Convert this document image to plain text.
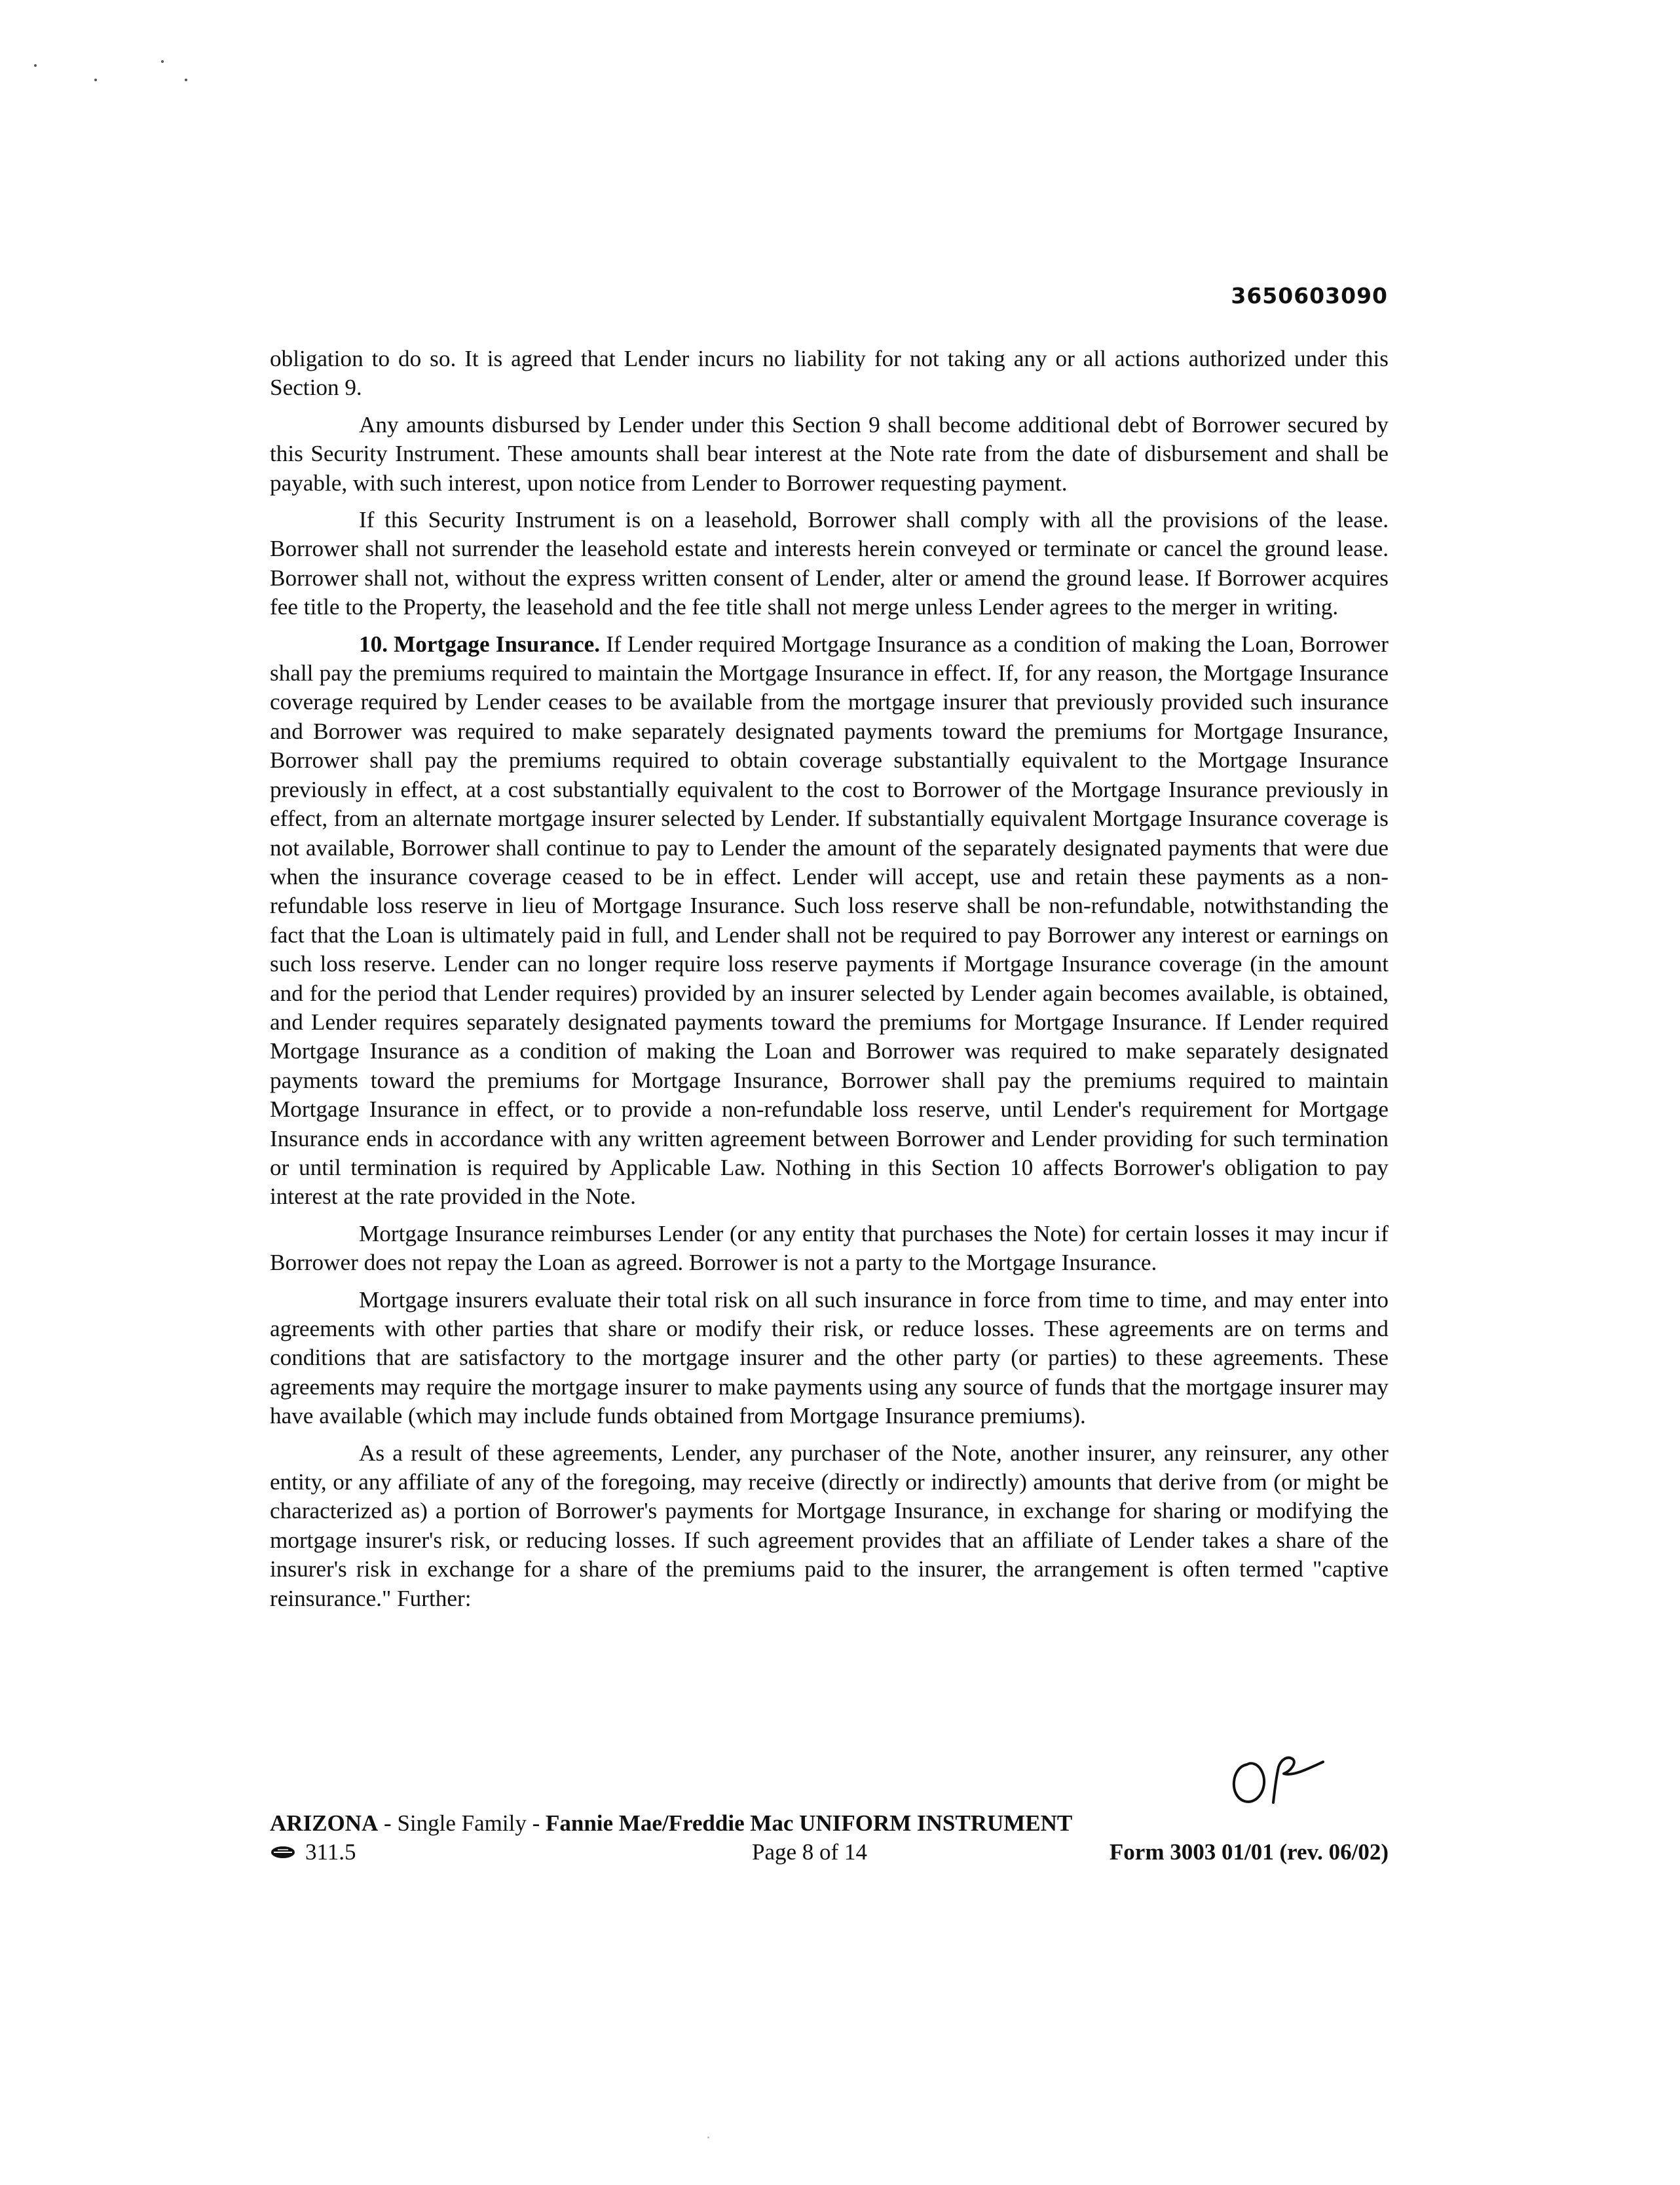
3650603090

obligation to do so. It is agreed that Lender incurs no liability for not taking any or all actions authorized under this Section 9.

Any amounts disbursed by Lender under this Section 9 shall become additional debt of Borrower secured by this Security Instrument. These amounts shall bear interest at the Note rate from the date of disbursement and shall be payable, with such interest, upon notice from Lender to Borrower requesting payment.

If this Security Instrument is on a leasehold, Borrower shall comply with all the provisions of the lease. Borrower shall not surrender the leasehold estate and interests herein conveyed or terminate or cancel the ground lease. Borrower shall not, without the express written consent of Lender, alter or amend the ground lease. If Borrower acquires fee title to the Property, the leasehold and the fee title shall not merge unless Lender agrees to the merger in writing.

10. Mortgage Insurance. If Lender required Mortgage Insurance as a condition of making the Loan, Borrower shall pay the premiums required to maintain the Mortgage Insurance in effect. If, for any reason, the Mortgage Insurance coverage required by Lender ceases to be available from the mortgage insurer that previously provided such insurance and Borrower was required to make separately designated payments toward the premiums for Mortgage Insurance, Borrower shall pay the premiums required to obtain coverage substantially equivalent to the Mortgage Insurance previously in effect, at a cost substantially equivalent to the cost to Borrower of the Mortgage Insurance previously in effect, from an alternate mortgage insurer selected by Lender. If substantially equivalent Mortgage Insurance coverage is not available, Borrower shall continue to pay to Lender the amount of the separately designated payments that were due when the insurance coverage ceased to be in effect. Lender will accept, use and retain these payments as a non-refundable loss reserve in lieu of Mortgage Insurance. Such loss reserve shall be non-refundable, notwithstanding the fact that the Loan is ultimately paid in full, and Lender shall not be required to pay Borrower any interest or earnings on such loss reserve. Lender can no longer require loss reserve payments if Mortgage Insurance coverage (in the amount and for the period that Lender requires) provided by an insurer selected by Lender again becomes available, is obtained, and Lender requires separately designated payments toward the premiums for Mortgage Insurance. If Lender required Mortgage Insurance as a condition of making the Loan and Borrower was required to make separately designated payments toward the premiums for Mortgage Insurance, Borrower shall pay the premiums required to maintain Mortgage Insurance in effect, or to provide a non-refundable loss reserve, until Lender's requirement for Mortgage Insurance ends in accordance with any written agreement between Borrower and Lender providing for such termination or until termination is required by Applicable Law. Nothing in this Section 10 affects Borrower's obligation to pay interest at the rate provided in the Note.

Mortgage Insurance reimburses Lender (or any entity that purchases the Note) for certain losses it may incur if Borrower does not repay the Loan as agreed. Borrower is not a party to the Mortgage Insurance.

Mortgage insurers evaluate their total risk on all such insurance in force from time to time, and may enter into agreements with other parties that share or modify their risk, or reduce losses. These agreements are on terms and conditions that are satisfactory to the mortgage insurer and the other party (or parties) to these agreements. These agreements may require the mortgage insurer to make payments using any source of funds that the mortgage insurer may have available (which may include funds obtained from Mortgage Insurance premiums).

As a result of these agreements, Lender, any purchaser of the Note, another insurer, any reinsurer, any other entity, or any affiliate of any of the foregoing, may receive (directly or indirectly) amounts that derive from (or might be characterized as) a portion of Borrower's payments for Mortgage Insurance, in exchange for sharing or modifying the mortgage insurer's risk, or reducing losses. If such agreement provides that an affiliate of Lender takes a share of the insurer's risk in exchange for a share of the premiums paid to the insurer, the arrangement is often termed "captive reinsurance." Further:

ARIZONA - Single Family - Fannie Mae/Freddie Mac UNIFORM INSTRUMENT
311.5	Page 8 of 14	Form 3003 01/01 (rev. 06/02)
